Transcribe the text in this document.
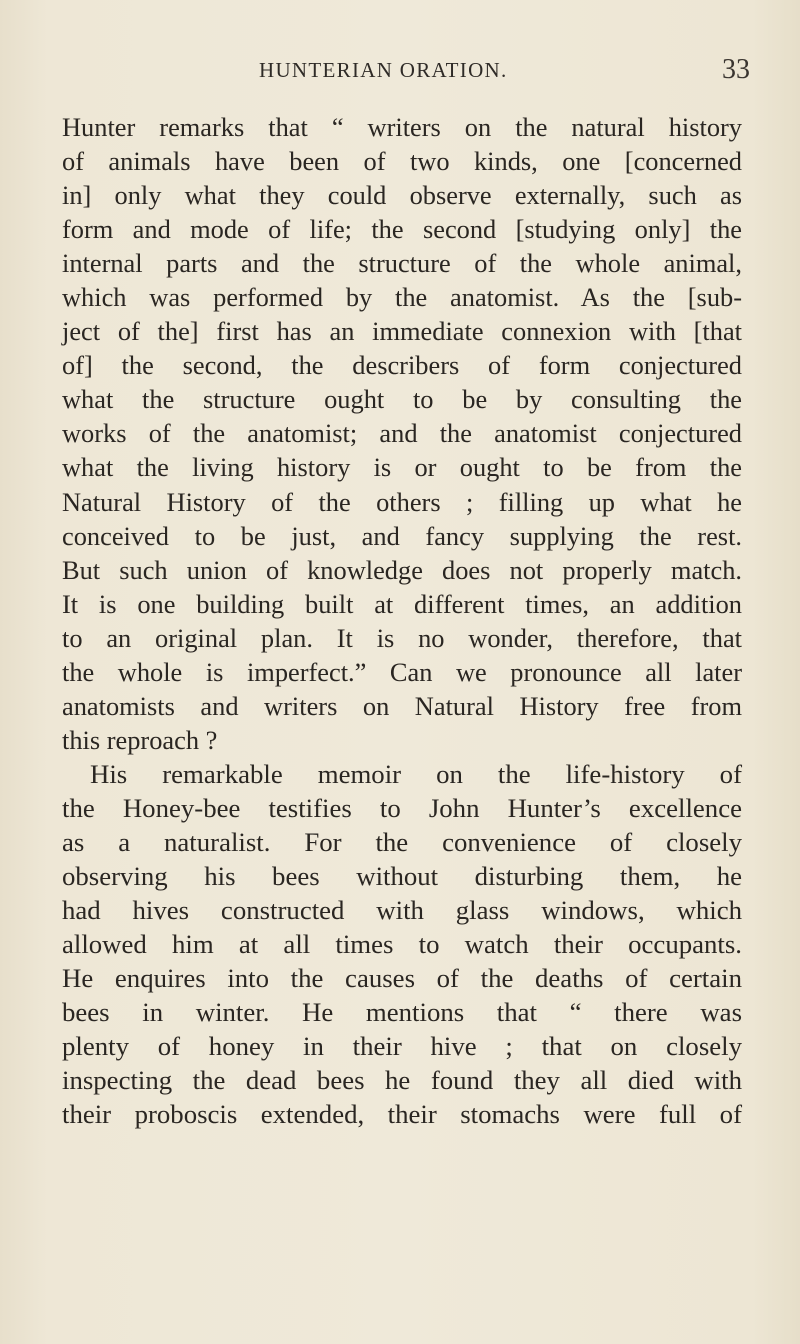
HUNTERIAN ORATION.	33
Hunter remarks that “ writers on the natural history
of animals have been of two kinds, one [concerned
in] only what they could observe externally, such as
form and mode of life; the second [studying only] the
internal parts and the structure of the whole animal,
which was performed by the anatomist. As the [sub-
ject of the] first has an immediate connexion with [that
of] the second, the describers of form conjectured
what the structure ought to be by consulting the
works of the anatomist; and the anatomist conjectured
what the living history is or ought to be from the
Natural History of the others ; filling up what he
conceived to be just, and fancy supplying the rest.
But such union of knowledge does not properly match.
It is one building built at different times, an addition
to an original plan. It is no wonder, therefore, that
the whole is imperfect.” Can we pronounce all later
anatomists and writers on Natural History free from
this reproach ?
His remarkable memoir on the life-history of
the Honey-bee testifies to John Hunter’s excellence
as a naturalist. For the convenience of closely
observing his bees without disturbing them, he
had hives constructed with glass windows, which
allowed him at all times to watch their occupants.
He enquires into the causes of the deaths of certain
bees in winter. He mentions that “ there was
plenty of honey in their hive ; that on closely
inspecting the dead bees he found they all died with
their proboscis extended, their stomachs were full of
